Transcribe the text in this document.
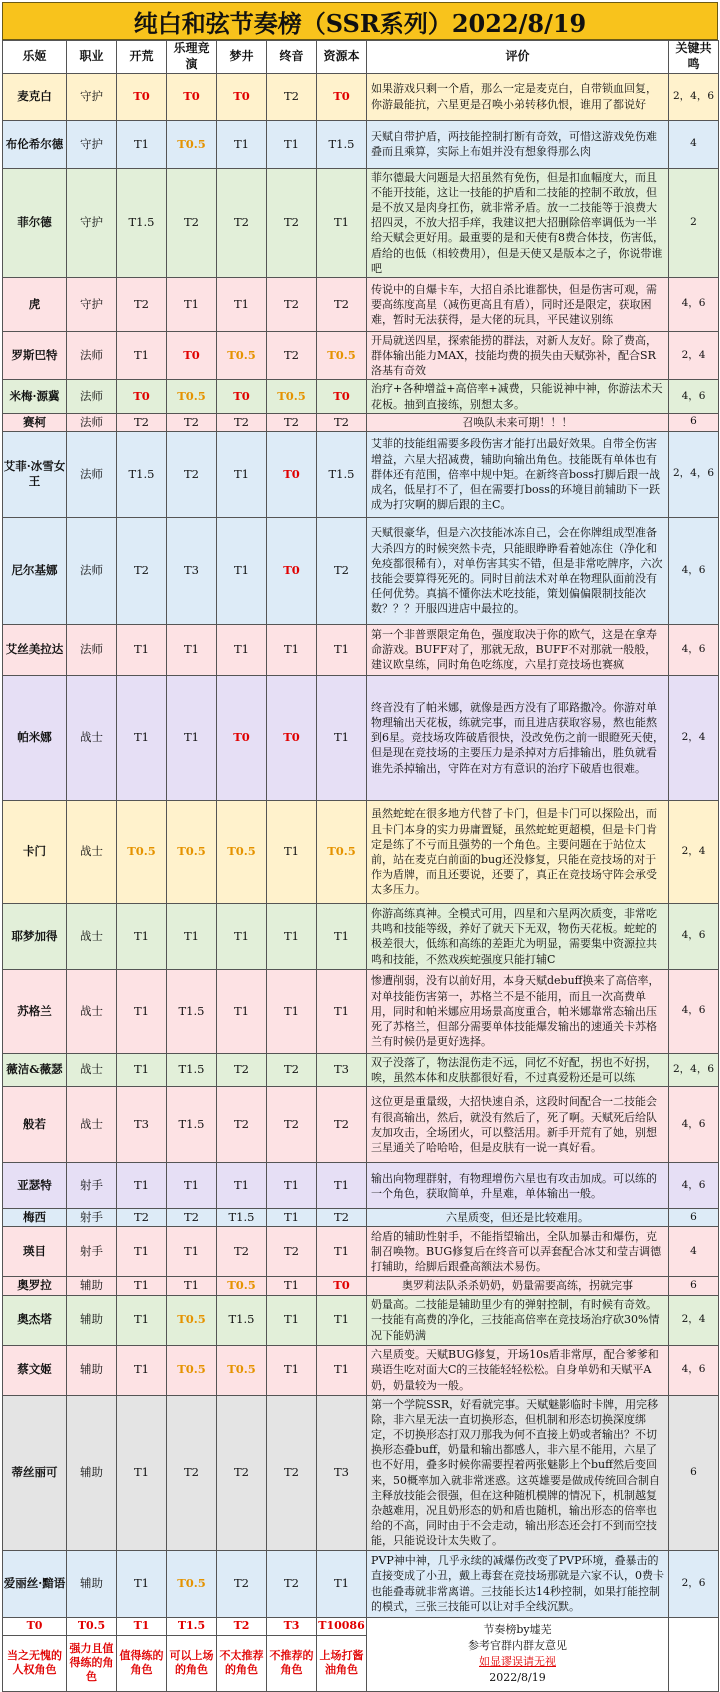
纯白和弦节奏榜（SSR系列）2022/8/19
乐姬	职业	开荒	乐理竞演	梦井	终音	资源本	评价	关键共鸣
麦克白	守护	T0	T0	T0	T2	T0	如果游戏只剩一个盾，那么一定是麦克白，自带锁血回复，你游最能抗，六星更是召唤小弟转移仇恨，谁用了都说好	2，4，6
布伦希尔德	守护	T1	T0.5	T1	T1	T1.5	天赋自带护盾，两技能控制打断有奇效，可惜这游戏免伤难叠而且乘算，实际上布姐并没有想象得那么肉	4
菲尔德	守护	T1.5	T2	T2	T2	T1	菲尔德最大问题是大招虽然有免伤，但是扣血幅度大，而且不能开技能，这让一技能的护盾和二技能的控制不敢放，但是不放又是肉身扛伤，就非常矛盾。放一二技能等于浪费大招四灵，不放大招手痒，我建议把大招删除倍率调低为一半给天赋会更好用。最重要的是和天使有8费合体技，伤害低，盾给的也低（相较费用），但是天使又是版本之子，你说带谁吧	2
虎	守护	T2	T1	T1	T2	T2	传说中的自爆卡车，大招自杀比谁都快，但是伤害可观，需要高练度高星（减伤更高且有盾），同时还是限定，获取困难，暂时无法获得，是大佬的玩具，平民建议别练	4，6
罗斯巴特	法师	T1	T0	T0.5	T2	T0.5	开局就送四星，探索能捞的群法，对新人友好。除了费高，群体输出能力MAX，技能均费的损失由天赋弥补，配合SR洛基有奇效	2，4
米梅·源冀	法师	T0	T0.5	T0	T0.5	T0	治疗+各种增益+高倍率+减费，只能说神中神，你游法术天花板。抽到直接练，别想太多。	4，6
赛柯	法师	T2	T2	T2	T2	T2	召唤队未来可期！！！	6
艾菲·冰雪女王	法师	T1.5	T2	T1	T0	T1.5	艾菲的技能组需要多段伤害才能打出最好效果。自带全伤害增益，六星大招减费，辅助向输出角色。技能既有单体也有群体还有范围，倍率中规中矩。在新终音boss打脚后跟一战成名，低星打不了，但在需要打boss的环境目前辅助下一跃成为打灾啊的脚后跟的主C。	2，4，6
尼尔基娜	法师	T2	T3	T1	T0	T2	天赋很豪华，但是六次技能冰冻自己，会在你牌组成型准备大杀四方的时候突然卡壳，只能眼睁睁看着她冻住（净化和免疫都很稀有），对单伤害其实不错，但是非常吃牌序，六次技能会要算得死死的。同时目前法术对单在物理队面前没有任何优势。真搞不懂你法术吃技能，策划偏偏限制技能次数？？？开服四进店中最拉的。	4，6
艾丝美拉达	法师	T1	T1	T1	T1	T1	第一个非普票限定角色，强度取决于你的欧气，这是在拿寿命游戏。BUFF对了，那就无敌，BUFF不对那就一般般，建议欧皇练，同时角色吃练度，六星打竞技场也赛疯	4，6
帕米娜	战士	T1	T1	T0	T0	T1	终音没有了帕米娜，就像是西方没有了耶路撒冷。你游对单物理输出天花板，练就完事，而且进店获取容易，熬也能熬到6星。竞技场攻阵破盾很快，没改免伤之前一眼瞪死天使，但是现在竞技场的主要压力是杀掉对方后排输出，胜负就看谁先杀掉输出，守阵在对方有意识的治疗下破盾也很难。	2，4
卡门	战士	T0.5	T0.5	T0.5	T1	T0.5	虽然蛇蛇在很多地方代替了卡门，但是卡门可以探险出，而且卡门本身的实力毋庸置疑，虽然蛇蛇更超模，但是卡门肯定是练了不亏而且强势的一个角色。主要问题在于站位太前，站在麦克白前面的bug还没修复，只能在竞技场的对于作为盾牌，而且还要说，还要了，真正在竞技场守阵会承受太多压力。	2，4
耶梦加得	战士	T1	T1	T1	T1	T1	你游高练真神。全模式可用，四星和六星两次质变，非常吃共鸣和技能等级，养好了就天下无双，物伤天花板。蛇蛇的极差很大，低练和高练的差距尤为明显，需要集中资源拉共鸣和技能，不然戏疾蛇强度只能打辅C	4，6
苏格兰	战士	T1	T1.5	T1	T1	T1	惨遭削弱，没有以前好用，本身天赋debuff换来了高倍率，对单技能伤害第一，苏格兰不是不能用，而且一次高费单用，同时和帕米娜应用场景高度重合，帕米娜靠常态输出压死了苏格兰，但部分需要单体技能爆发输出的速通关卡苏格兰有时候仍是更好选择。	4，6
薇洁&薇瑟	战士	T1	T1.5	T2	T2	T3	双子没落了，物法混伤走不远，同忆不好配，拐也不好拐，唉，虽然本体和皮肤都很好看，不过真爱粉还是可以练	2，4，6
般若	战士	T3	T1.5	T2	T2	T2	这位更是重量级，大招快速自杀，这段时间配合一二技能会有很高输出，然后，就没有然后了，死了啊。天赋死后给队友加攻击，全场团火，可以整活用。新手开荒有了她，别想三星通关了哈哈哈，但是皮肤有一说一真好看。	4，6
亚瑟特	射手	T1	T1	T1	T1	T1	输出向物理群射，有物理增伤六星也有攻击加成。可以练的一个角色，获取简单，升星难，单体输出一般。	4，6
梅西	射手	T2	T2	T1.5	T1	T2	六星质变，但还是比较难用。	6
瑛目	射手	T1	T1	T2	T2	T1	给盾的辅助性射手，不能指望输出，全队加暴击和爆伤，克制召唤物。BUG修复后在终音可以弄套配合冰艾和莹吉调德打辅助，给脚后跟叠高额法术易伤。	4
奥罗拉	辅助	T1	T1	T0.5	T1	T0	奥罗莉法队杀杀奶奶，奶量需要高练，拐就完事	6
奥杰塔	辅助	T1	T0.5	T1.5	T1	T1	奶量高。二技能是辅助里少有的弹射控制，有时候有奇效。一技能有高费的净化，三技能高倍率在竞技场治疗砍30%情况下能奶满	2，4
蔡文姬	辅助	T1	T0.5	T0.5	T1	T1	六星质变。天赋BUG修复，开场10s盾非常厚，配合爹爹和瑛语生吃对面大C的三技能轻轻松松。自身单奶和天赋平A奶，奶量较为一般。	4，6
蒂丝丽可	辅助	T1	T2	T2	T2	T3	第一个学院SSR，好看就完事。天赋魅影临时卡牌，用完移除，非六星无法一直切换形态，但机制和形态切换深度绑定，不切换形态打双刀那我为何不直接上奶或者输出？不切换形态叠buff，奶量和输出都感人，非六星不能用，六星了也不好用，叠多时候你需要捏着两张魅影上个buff然后变回来，50概率加入就非常迷惑。这英雄要是做成传统回合制自主释放技能会很强，但在这种随机模牌的情况下，机制越复杂越难用，况且奶形态的奶和盾也随机，输出形态的倍率也给的不高，同时由于不会走动，输出形态还会打不到而空技能，只能说设计太失败了。	6
爱丽丝·黯语	辅助	T1	T0.5	T2	T2	T1	PVP神中神，几乎永续的减爆伤改变了PVP环境，叠暴击的直接变成了小丑，戴上毒套在竞技场那就是六家不认，0费卡也能叠毒就非常离谱。三技能长达14秒控制，如果打能控制的模式，三张三技能可以让对手全线沉默。	2，6
T0	T0.5	T1	T1.5	T2	T3	T10086	节奏榜by墟芜
参考官群内群友意见
如显谬误请无视
2022/8/19	

当之无愧的人权角色	强力且值得练的角色	值得练的角色	可以上场的角色	不太推荐的角色	不推荐的角色	上场打酱油角色		
